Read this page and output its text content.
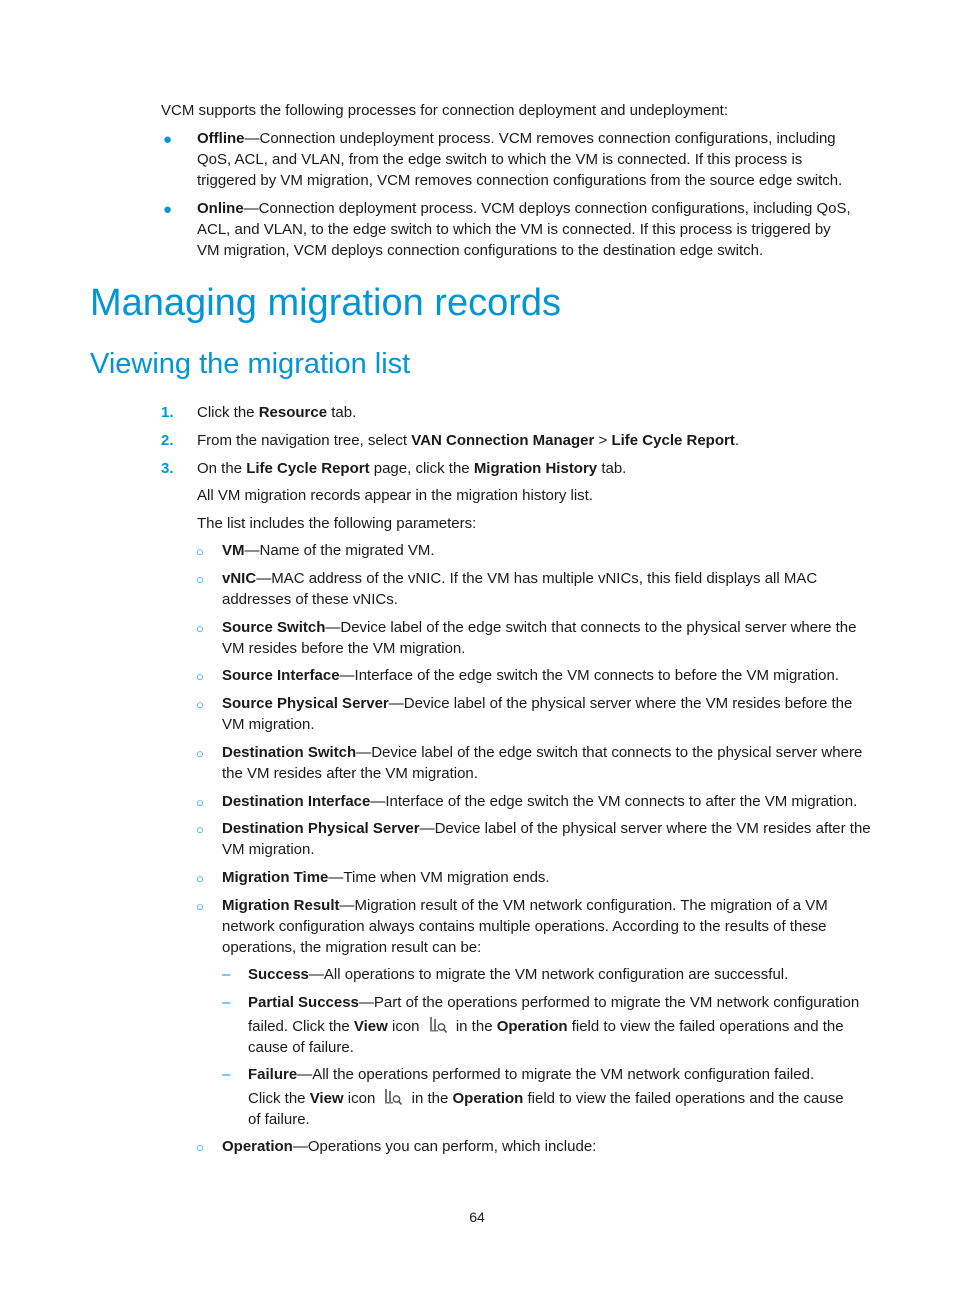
VCM supports the following processes for connection deployment and undeployment:

● Offline—Connection undeployment process. VCM removes connection configurations, including
QoS, ACL, and VLAN, from the edge switch to which the VM is connected. If this process is
triggered by VM migration, VCM removes connection configurations from the source edge switch.

● Online—Connection deployment process. VCM deploys connection configurations, including QoS,
ACL, and VLAN, to the edge switch to which the VM is connected. If this process is triggered by
VM migration, VCM deploys connection configurations to the destination edge switch.

Managing migration records
Viewing the migration list
1. Click the Resource tab.

2. From the navigation tree, select VAN Connection Manager > Life Cycle Report.

3. On the Life Cycle Report page, click the Migration History tab.

All VM migration records appear in the migration history list.

The list includes the following parameters:

○ VM—Name of the migrated VM.

○ vNIC—MAC address of the vNIC. If the VM has multiple vNICs, this field displays all MAC
addresses of these vNICs.

○ Source Switch—Device label of the edge switch that connects to the physical server where the
VM resides before the VM migration.

○ Source Interface—Interface of the edge switch the VM connects to before the VM migration.

○ Source Physical Server—Device label of the physical server where the VM resides before the
VM migration.

○ Destination Switch—Device label of the edge switch that connects to the physical server where
the VM resides after the VM migration.

○ Destination Interface—Interface of the edge switch the VM connects to after the VM migration.

○ Destination Physical Server—Device label of the physical server where the VM resides after the
VM migration.

○ Migration Time—Time when VM migration ends.

○ Migration Result—Migration result of the VM network configuration. The migration of a VM
network configuration always contains multiple operations. According to the results of these
operations, the migration result can be:

– Success—All operations to migrate the VM network configuration are successful.

– Partial Success—Part of the operations performed to migrate the VM network configuration
failed. Click the View icon  in the Operation field to view the failed operations and the
cause of failure.

– Failure—All the operations performed to migrate the VM network configuration failed.
Click the View icon  in the Operation field to view the failed operations and the cause
of failure.

○ Operation—Operations you can perform, which include:

64
